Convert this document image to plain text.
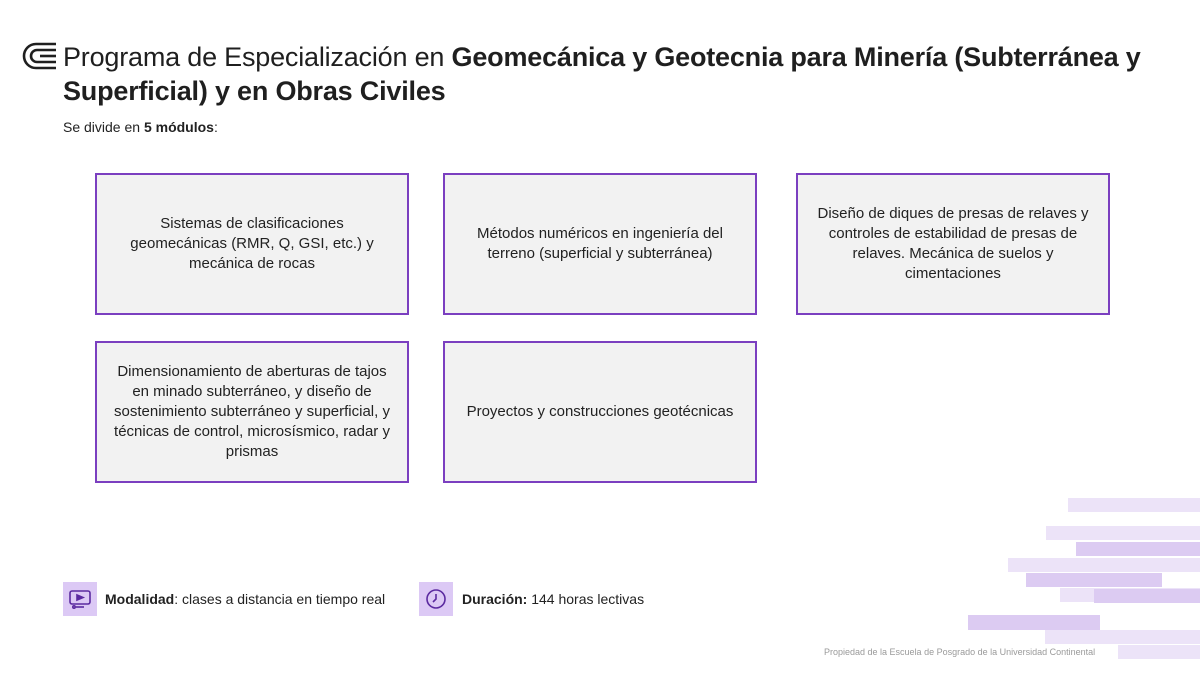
Programa de Especialización en Geomecánica y Geotecnia para Minería (Subterránea y Superficial) y en Obras Civiles
Se divide en 5 módulos:
Sistemas de clasificaciones geomecánicas (RMR, Q, GSI, etc.) y mecánica de rocas
Métodos numéricos en ingeniería del terreno (superficial y subterránea)
Diseño de diques de presas de relaves y controles de estabilidad de presas de relaves. Mecánica de suelos y cimentaciones
Dimensionamiento de aberturas de tajos en minado subterráneo, y diseño de sostenimiento subterráneo y superficial, y técnicas de control, microsísmico, radar y prismas
Proyectos y construcciones geotécnicas
Modalidad: clases a distancia en tiempo real	Duración: 144 horas lectivas
Propiedad de la Escuela de Posgrado de la Universidad Continental
